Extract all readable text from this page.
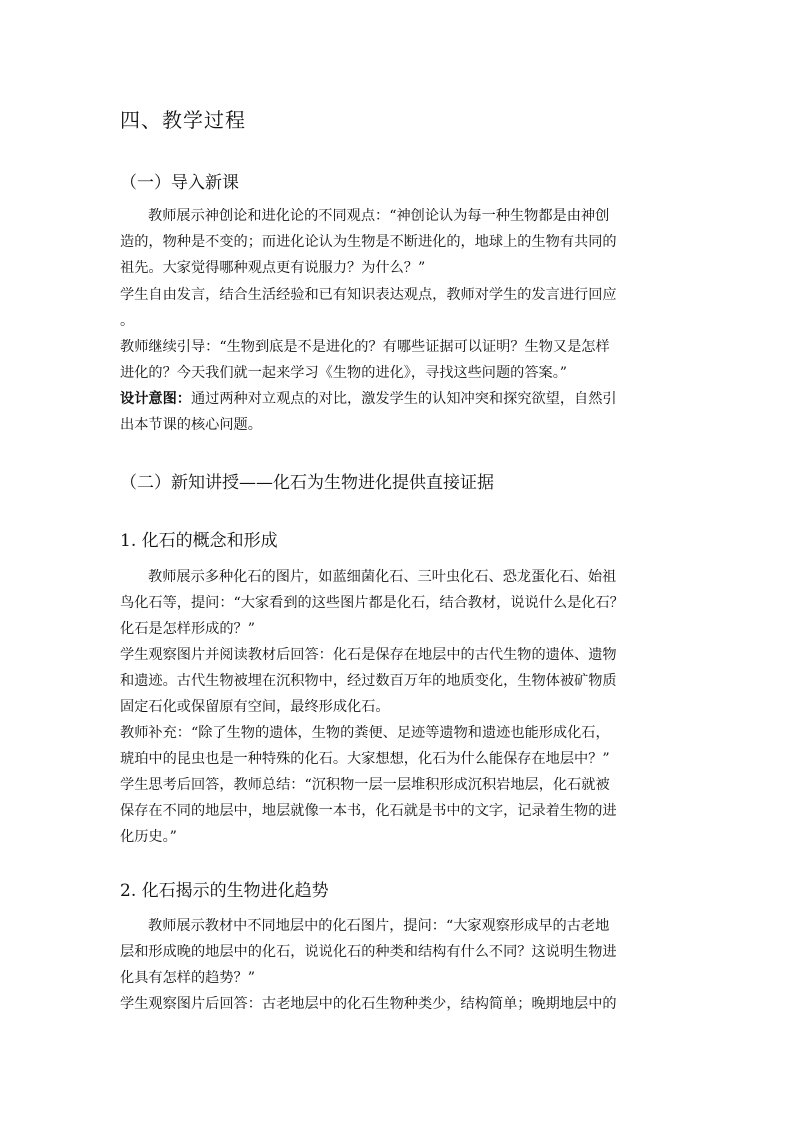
四、教学过程
（一）导入新课
教师展示神创论和进化论的不同观点：“神创论认为每一种生物都是由神创
造的，物种是不变的；而进化论认为生物是不断进化的，地球上的生物有共同的
祖先。大家觉得哪种观点更有说服力？为什么？”
学生自由发言，结合生活经验和已有知识表达观点，教师对学生的发言进行回应
。
教师继续引导：“生物到底是不是进化的？有哪些证据可以证明？生物又是怎样
进化的？今天我们就一起来学习《生物的进化》，寻找这些问题的答案。”
设计意图：通过两种对立观点的对比，激发学生的认知冲突和探究欲望，自然引
出本节课的核心问题。
（二）新知讲授——化石为生物进化提供直接证据
1. 化石的概念和形成
教师展示多种化石的图片，如蓝细菌化石、三叶虫化石、恐龙蛋化石、始祖
鸟化石等，提问：“大家看到的这些图片都是化石，结合教材，说说什么是化石？
化石是怎样形成的？”
学生观察图片并阅读教材后回答：化石是保存在地层中的古代生物的遗体、遗物
和遗迹。古代生物被埋在沉积物中，经过数百万年的地质变化，生物体被矿物质
固定石化或保留原有空间，最终形成化石。
教师补充：“除了生物的遗体，生物的粪便、足迹等遗物和遗迹也能形成化石，
琥珀中的昆虫也是一种特殊的化石。大家想想，化石为什么能保存在地层中？”
学生思考后回答，教师总结：“沉积物一层一层堆积形成沉积岩地层，化石就被
保存在不同的地层中，地层就像一本书，化石就是书中的文字，记录着生物的进
化历史。”
2. 化石揭示的生物进化趋势
教师展示教材中不同地层中的化石图片，提问：“大家观察形成早的古老地
层和形成晚的地层中的化石，说说化石的种类和结构有什么不同？这说明生物进
化具有怎样的趋势？”
学生观察图片后回答：古老地层中的化石生物种类少，结构简单；晚期地层中的
